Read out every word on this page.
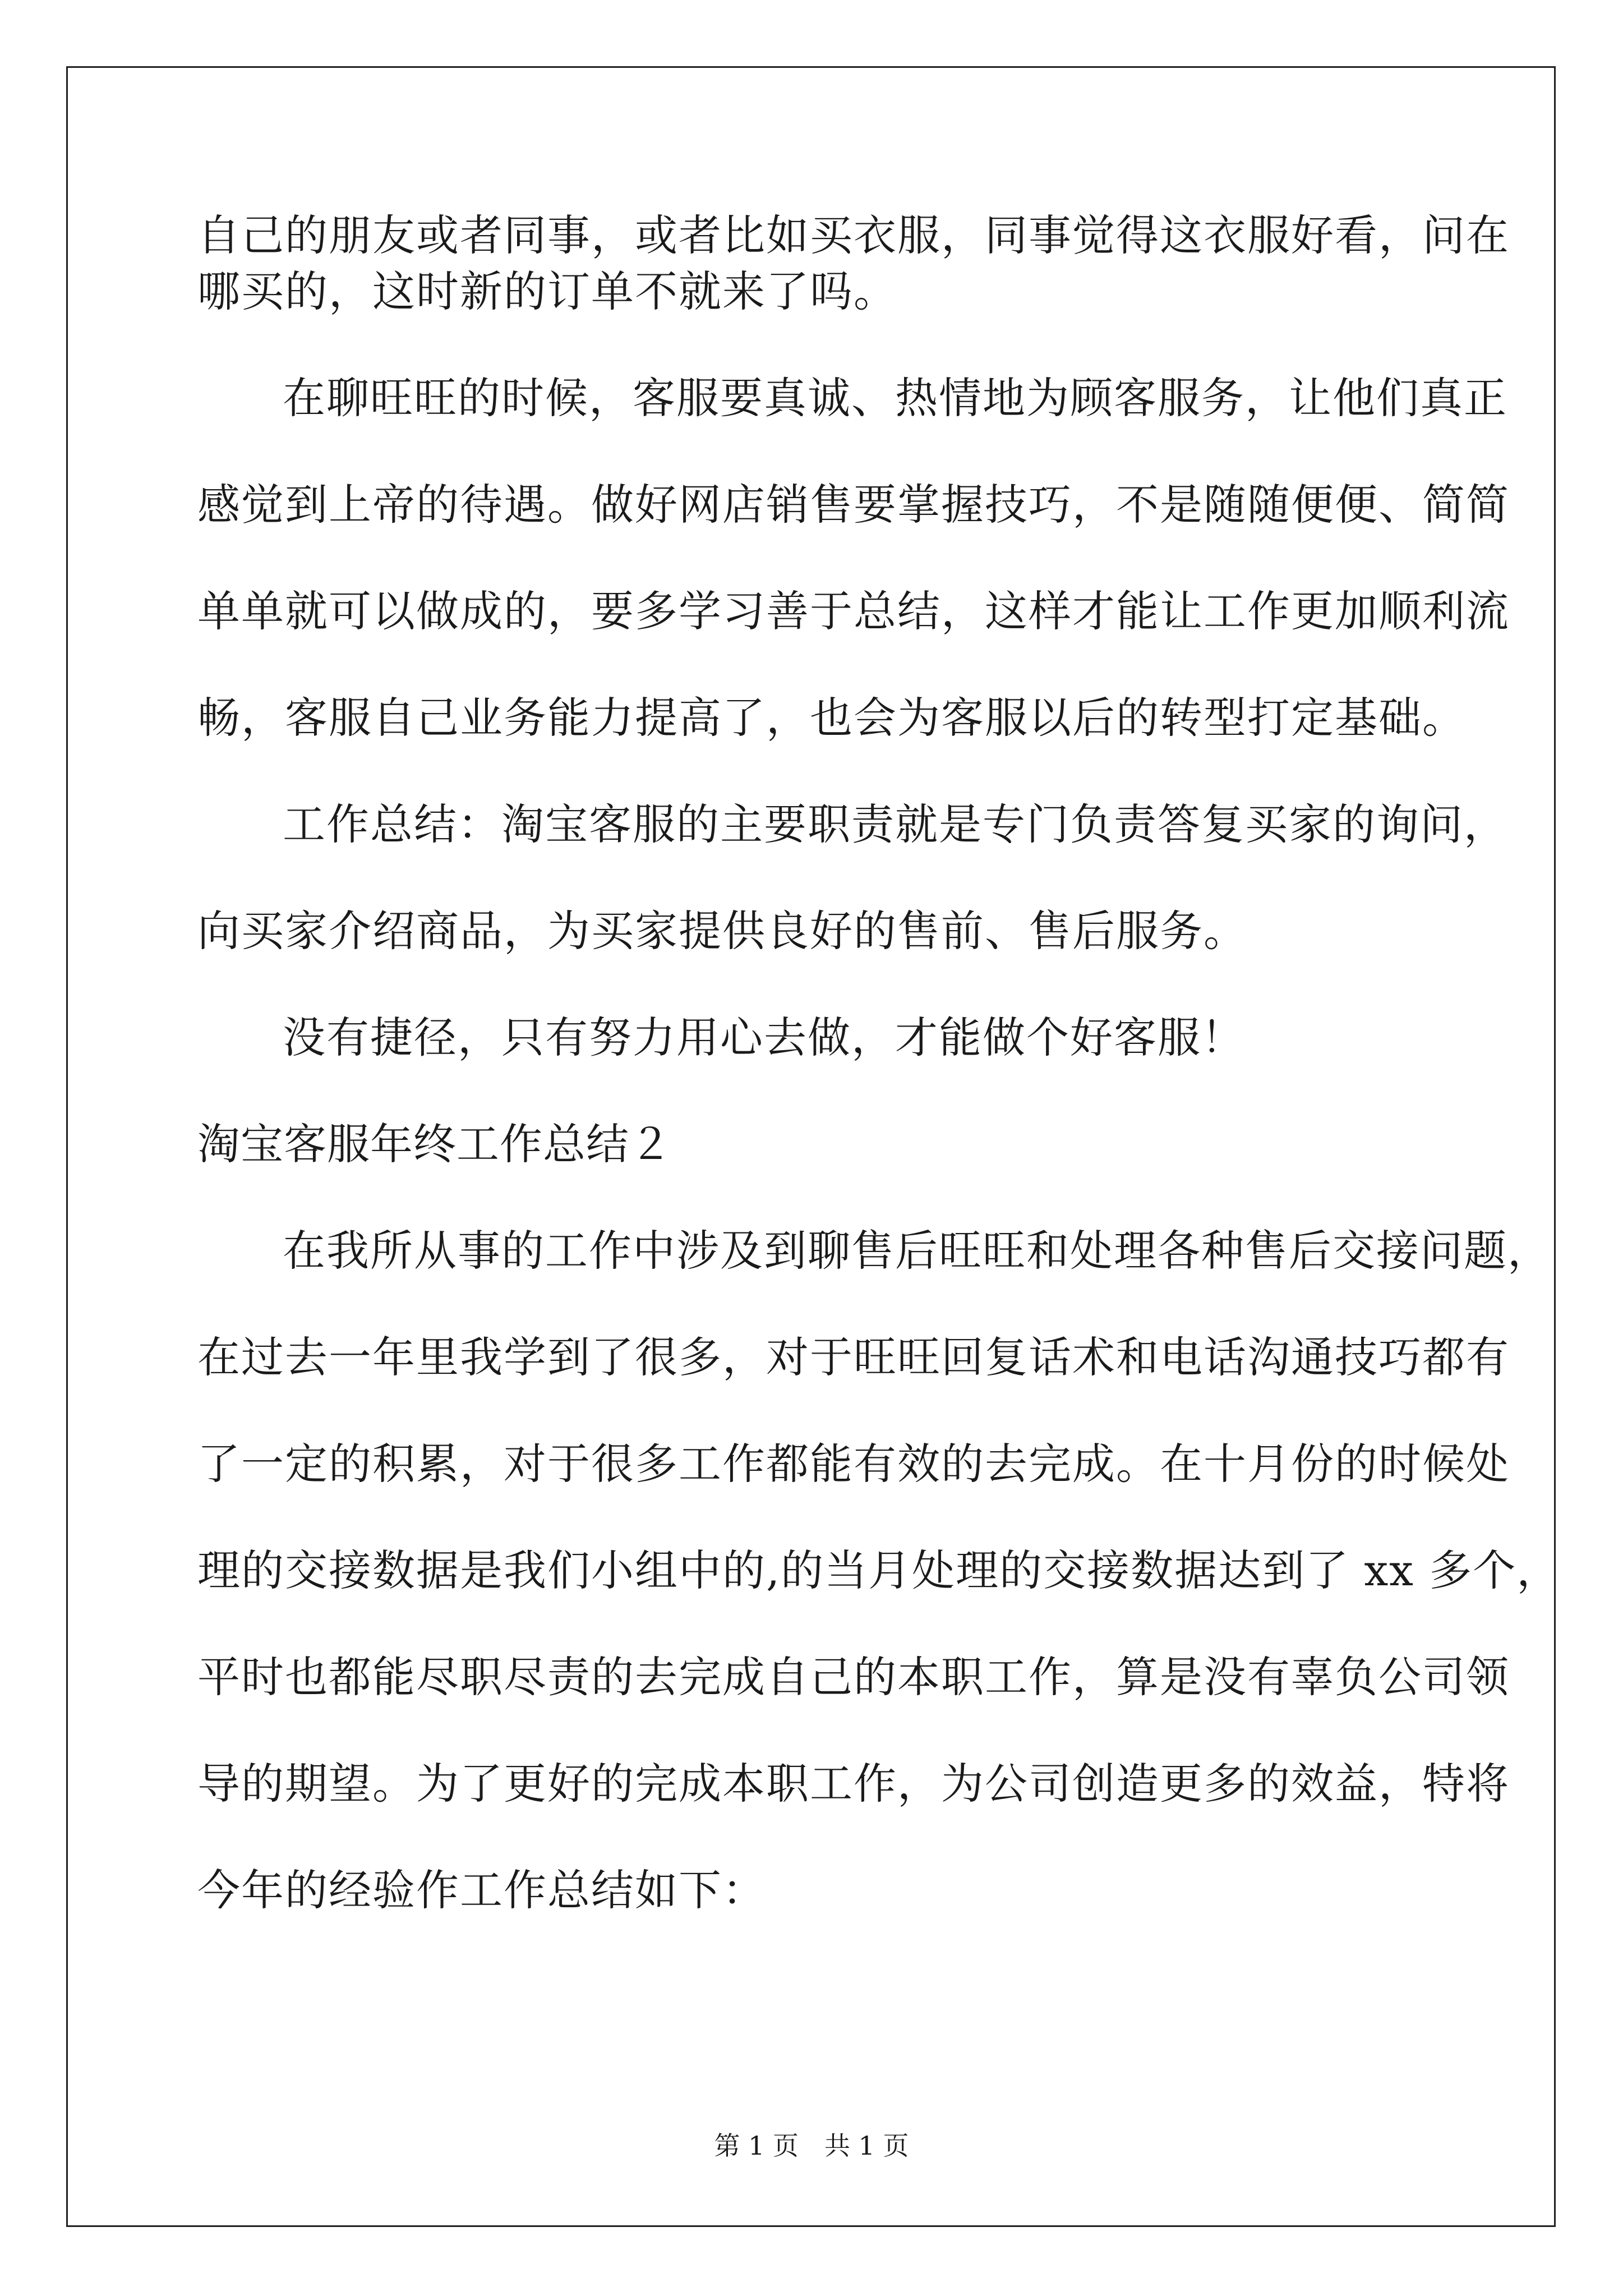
自己的朋友或者同事，或者比如买衣服，同事觉得这衣服好看，问在

哪买的，这时新的订单不就来了吗。

在聊旺旺的时候，客服要真诚、热情地为顾客服务，让他们真正

感觉到上帝的待遇。做好网店销售要掌握技巧，不是随随便便、简简

单单就可以做成的，要多学习善于总结，这样才能让工作更加顺利流

畅，客服自己业务能力提高了，也会为客服以后的转型打定基础。

工作总结：淘宝客服的主要职责就是专门负责答复买家的询问，

向买家介绍商品，为买家提供良好的售前、售后服务。

没有捷径，只有努力用心去做，才能做个好客服！

淘宝客服年终工作总结２

在我所从事的工作中涉及到聊售后旺旺和处理各种售后交接问题，

在过去一年里我学到了很多，对于旺旺回复话术和电话沟通技巧都有

了一定的积累，对于很多工作都能有效的去完成。在十月份的时候处

理的交接数据是我们小组中的,的当月处理的交接数据达到了 xx 多个，

平时也都能尽职尽责的去完成自己的本职工作，算是没有辜负公司领

导的期望。为了更好的完成本职工作，为公司创造更多的效益，特将

今年的经验作工作总结如下：

第 1 页　共 1 页
